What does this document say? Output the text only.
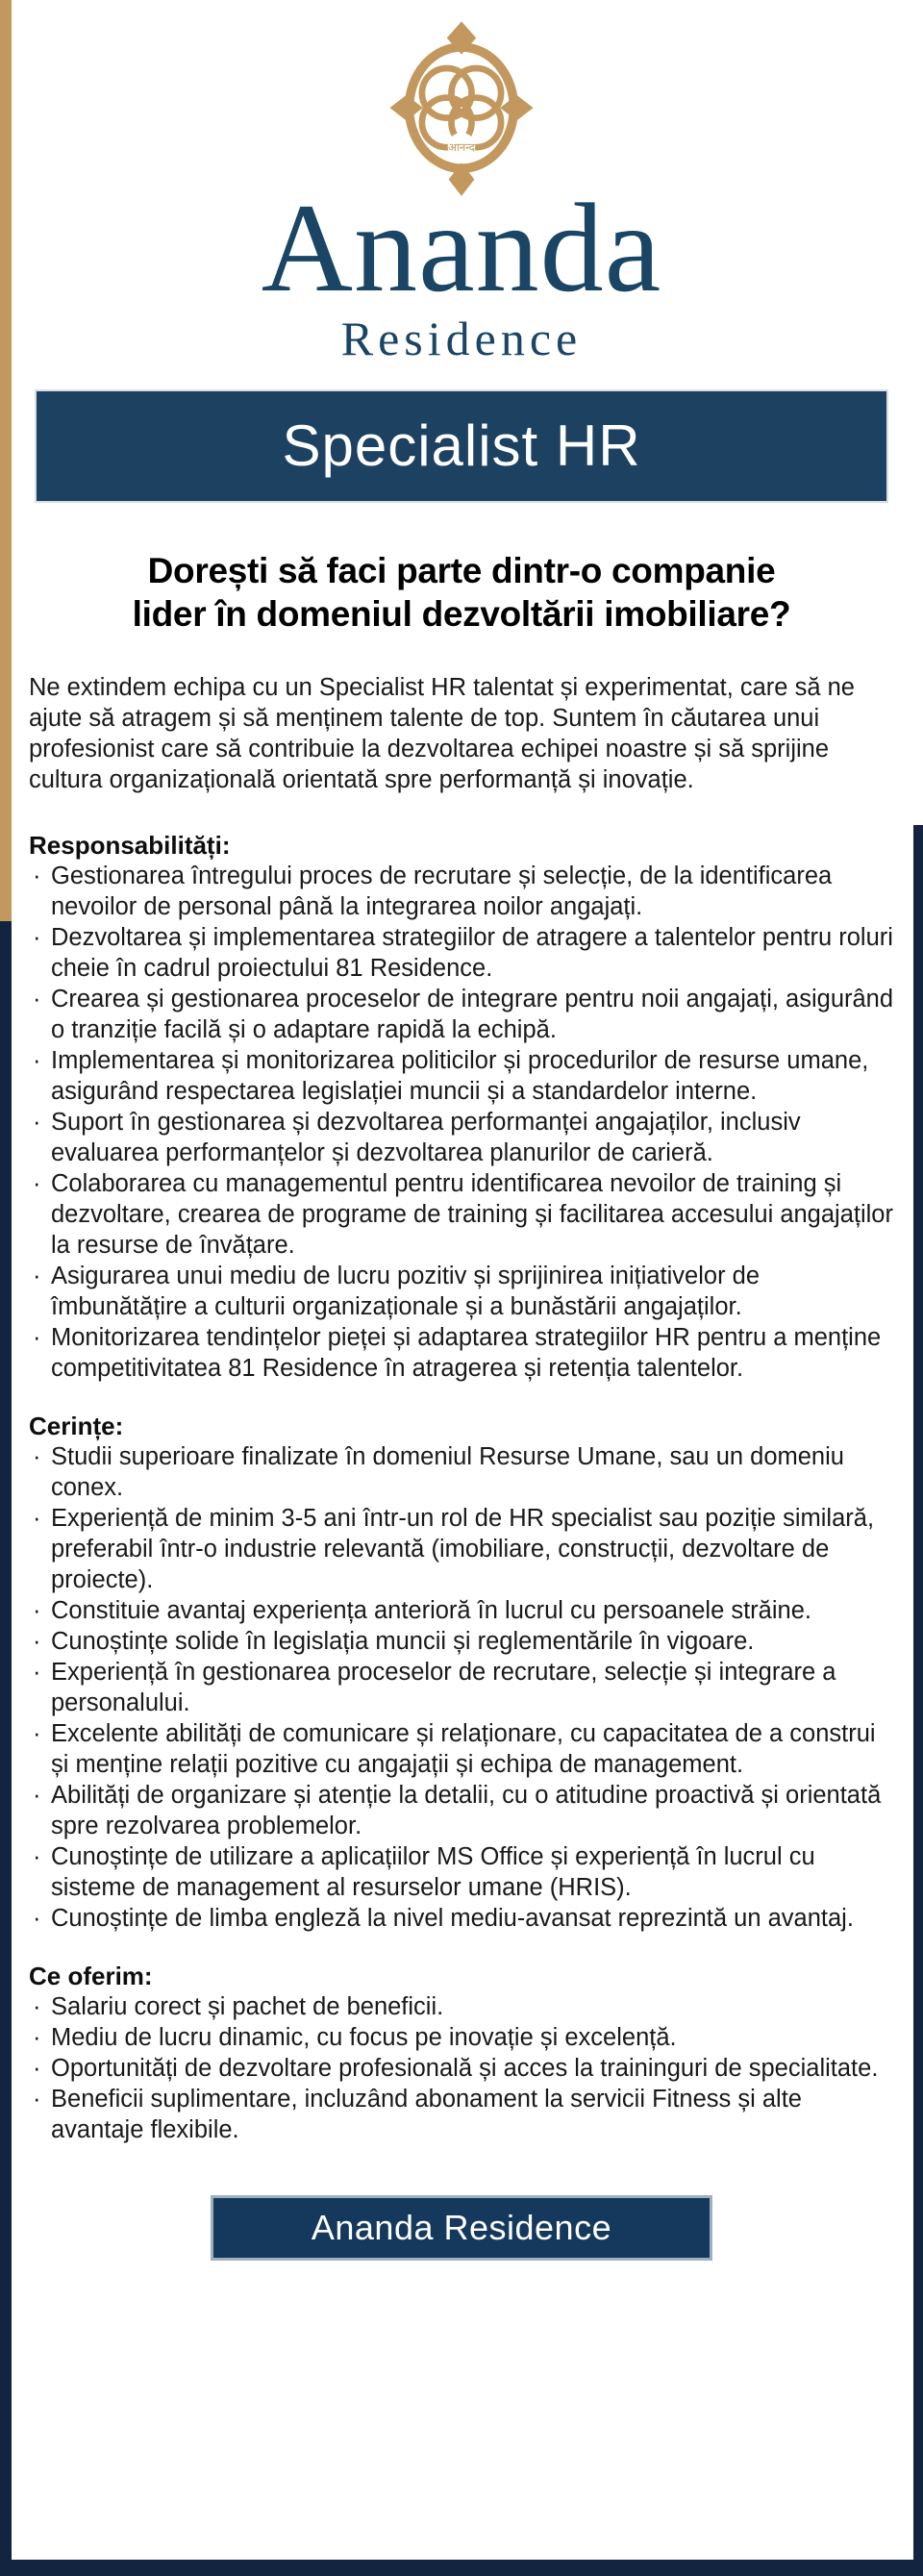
आनन्द
Ananda
Residence
Specialist HR
Dorești să faci parte dintr-o companie
lider în domeniul dezvoltării imobiliare?

Ne extindem echipa cu un Specialist HR talentat și experimentat, care să ne ajute să atragem și să menținem talente de top. Suntem în căutarea unui profesionist care să contribuie la dezvoltarea echipei noastre și să sprijine cultura organizațională orientată spre performanță și inovație.

Responsabilități:
· Gestionarea întregului proces de recrutare și selecție, de la identificarea nevoilor de personal până la integrarea noilor angajați.
· Dezvoltarea și implementarea strategiilor de atragere a talentelor pentru roluri cheie în cadrul proiectului 81 Residence.
· Crearea și gestionarea proceselor de integrare pentru noii angajați, asigurând o tranziție facilă și o adaptare rapidă la echipă.
· Implementarea și monitorizarea politicilor și procedurilor de resurse umane, asigurând respectarea legislației muncii și a standardelor interne.
· Suport în gestionarea și dezvoltarea performanței angajaților, inclusiv evaluarea performanțelor și dezvoltarea planurilor de carieră.
· Colaborarea cu managementul pentru identificarea nevoilor de training și dezvoltare, crearea de programe de training și facilitarea accesului angajaților la resurse de învățare.
· Asigurarea unui mediu de lucru pozitiv și sprijinirea inițiativelor de îmbunătățire a culturii organizaționale și a bunăstării angajaților.
· Monitorizarea tendințelor pieței și adaptarea strategiilor HR pentru a menține competitivitatea 81 Residence în atragerea și retenția talentelor.
Cerințe:
· Studii superioare finalizate în domeniul Resurse Umane, sau un domeniu conex.
· Experiență de minim 3-5 ani într-un rol de HR specialist sau poziție similară, preferabil într-o industrie relevantă (imobiliare, construcții, dezvoltare de proiecte).
· Constituie avantaj experiența anterioră în lucrul cu persoanele străine.
· Cunoștințe solide în legislația muncii și reglementările în vigoare.
· Experiență în gestionarea proceselor de recrutare, selecție și integrare a personalului.
· Excelente abilități de comunicare și relaționare, cu capacitatea de a construi și menține relații pozitive cu angajații și echipa de management.
· Abilități de organizare și atenție la detalii, cu o atitudine proactivă și orientată spre rezolvarea problemelor.
· Cunoștințe de utilizare a aplicațiilor MS Office și experiență în lucrul cu sisteme de management al resurselor umane (HRIS).
· Cunoștințe de limba engleză la nivel mediu-avansat reprezintă un avantaj.
Ce oferim:
· Salariu corect și pachet de beneficii.
· Mediu de lucru dinamic, cu focus pe inovație și excelență.
· Oportunități de dezvoltare profesională și acces la traininguri de specialitate.
· Beneficii suplimentare, incluzând abonament la servicii Fitness și alte avantaje flexibile.
Ananda Residence
